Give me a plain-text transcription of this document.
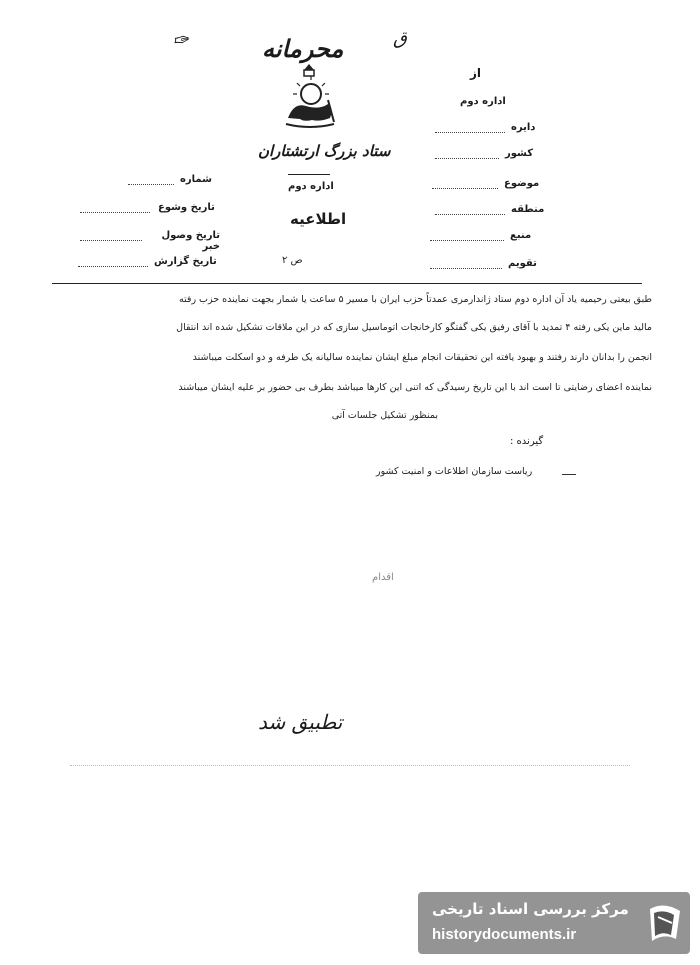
✑	محرمانه	ق
ستاد بزرگ ارتشتاران
اداره دوم
اطلاعیه
ص ۲
از
اداره دوم
دایره
کشور
موضوع
منطقه
منبع
تقویم
شماره
تاریخ وشوع
تاریخ وصول خبر
تاریخ گزارش
طبق بیعتی رحیمیه یاد آن اداره دوم ستاد ژاندارمری عمدتاً حزب ایران با مسیر ۵ ساعت یا شمار بجهت نماینده حزب رفته
مالید ماین یکی رفته ۴ تمدید با آقای رفیق یکی گفتگو کارخانجات اتوماسیل سازی که در این ملاقات تشکیل شده اند انتقال
انجمن را بدانان دارند رفتند و بهبود یافته این تحقیقات انجام مبلغ ایشان نماینده سالیانه یک طرفه و دو اسکلت میباشند
نماینده اعضای رضایتی تا است اند با این تاریخ رسیدگی که اتنی این کارها میباشد بطرف بی حضور بر علیه ایشان میباشند
بمنظور تشکیل جلسات آتی
گیرنده :
ریاست سازمان اطلاعات و امنیت کشور
اقدام
تطبیق شد
مرکز بررسی اسناد تاریخی
historydocuments.ir
